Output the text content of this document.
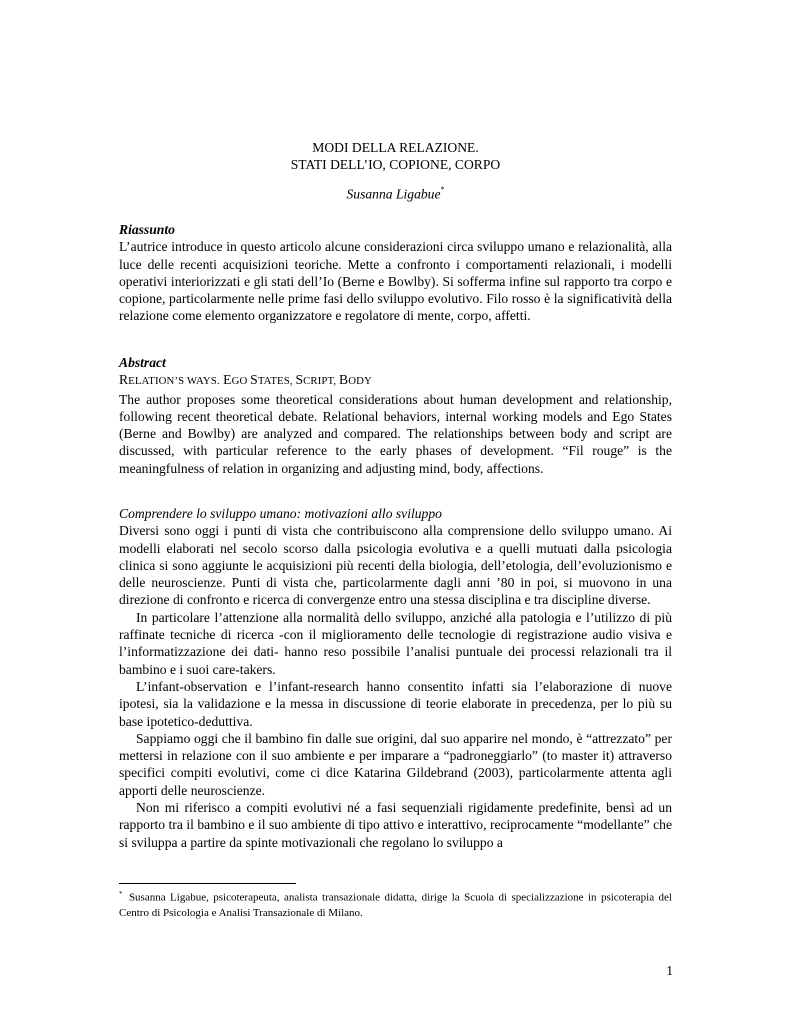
MODI DELLA RELAZIONE.
STATI DELL’IO, COPIONE, CORPO
Susanna Ligabue*
Riassunto

L’autrice introduce in questo articolo alcune considerazioni circa sviluppo umano e relazionalità, alla luce delle recenti acquisizioni teoriche. Mette a confronto i comportamenti relazionali, i modelli operativi interiorizzati e gli stati dell’Io (Berne e Bowlby). Si sofferma infine sul rapporto tra corpo e copione, particolarmente nelle prime fasi dello sviluppo evolutivo. Filo rosso è la significatività della relazione come elemento organizzatore e regolatore di mente, corpo, affetti.

Abstract
RELATION’S WAYS. EGO STATES, SCRIPT, BODY

The author proposes some theoretical considerations about human development and relationship, following recent theoretical debate. Relational behaviors, internal working models and Ego States (Berne and Bowlby) are analyzed and compared. The relationships between body and script are discussed, with particular reference to the early phases of development. “Fil rouge” is the meaningfulness of relation in organizing and adjusting mind, body, affections.

Comprendere lo sviluppo umano: motivazioni allo sviluppo

Diversi sono oggi i punti di vista che contribuiscono alla comprensione dello sviluppo umano. Ai modelli elaborati nel secolo scorso dalla psicologia evolutiva e a quelli mutuati dalla psicologia clinica si sono aggiunte le acquisizioni più recenti della biologia, dell’etologia, dell’evoluzionismo e delle neuroscienze. Punti di vista che, particolarmente dagli anni ’80 in poi, si muovono in una direzione di confronto e ricerca di convergenze entro una stessa disciplina e tra discipline diverse.

In particolare l’attenzione alla normalità dello sviluppo, anziché alla patologia e l’utilizzo di più raffinate tecniche di ricerca -con il miglioramento delle tecnologie di registrazione audio visiva e l’informatizzazione dei dati- hanno reso possibile l’analisi puntuale dei processi relazionali tra il bambino e i suoi care-takers.

L’infant-observation e l’infant-research hanno consentito infatti sia l’elaborazione di nuove ipotesi, sia la validazione e la messa in discussione di teorie elaborate in precedenza, per lo più su base ipotetico-deduttiva.

Sappiamo oggi che il bambino fin dalle sue origini, dal suo apparire nel mondo, è “attrezzato” per mettersi in relazione con il suo ambiente e per imparare a “padroneggiarlo” (to master it) attraverso specifici compiti evolutivi, come ci dice Katarina Gildebrand (2003), particolarmente attenta agli apporti delle neuroscienze.

Non mi riferisco a compiti evolutivi né a fasi sequenziali rigidamente predefinite, bensì ad un rapporto tra il bambino e il suo ambiente di tipo attivo e interattivo, reciprocamente “modellante” che si sviluppa a partire da spinte motivazionali che regolano lo sviluppo a

* Susanna Ligabue, psicoterapeuta, analista transazionale didatta, dirige la Scuola di specializzazione in psicoterapia del Centro di Psicologia e Analisi Transazionale di Milano.
1
